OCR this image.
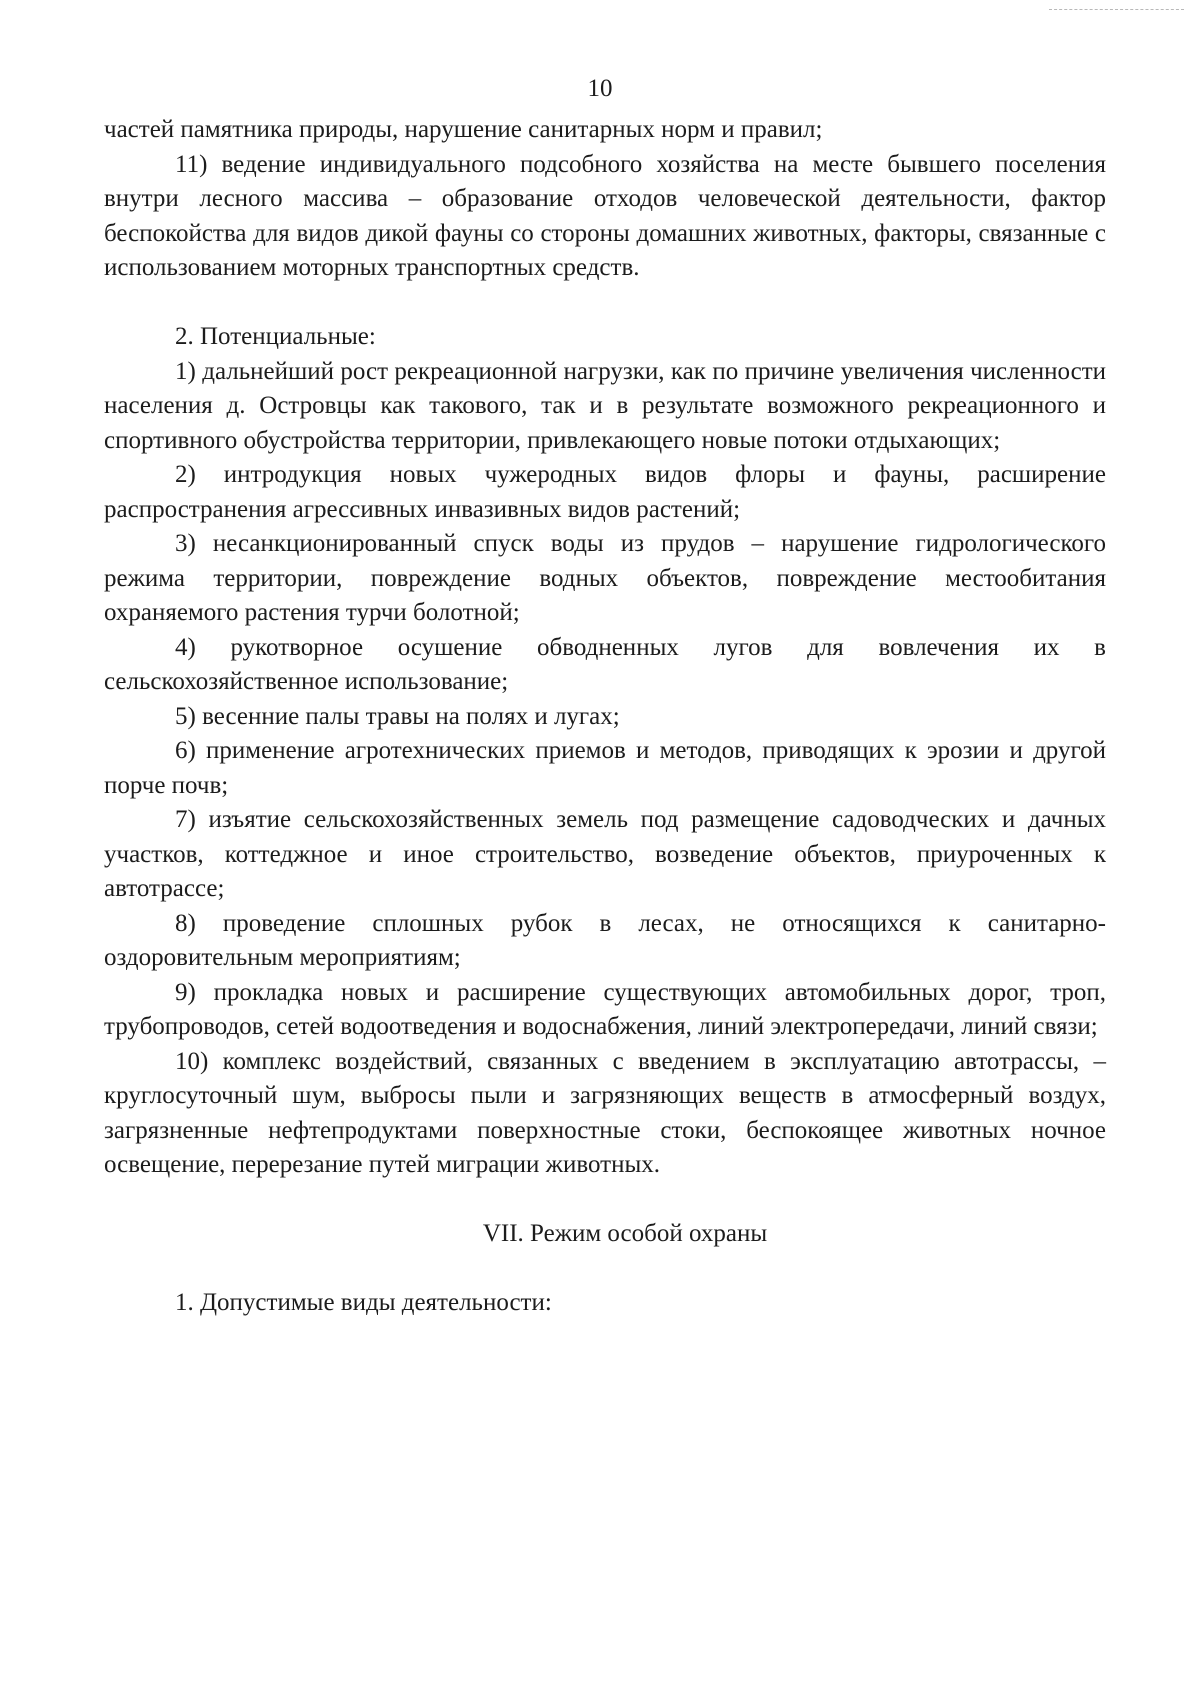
10

частей памятника природы, нарушение санитарных норм и правил;

11) ведение индивидуального подсобного хозяйства на месте бывшего поселения внутри лесного массива – образование отходов человеческой деятельности, фактор беспокойства для видов дикой фауны со стороны домашних животных, факторы, связанные с использованием моторных транспортных средств.

2. Потенциальные:

1) дальнейший рост рекреационной нагрузки, как по причине увеличения численности населения д. Островцы как такового, так и в результате возможного рекреационного и спортивного обустройства территории, привлекающего новые потоки отдыхающих;

2) интродукция новых чужеродных видов флоры и фауны, расширение распространения агрессивных инвазивных видов растений;

3) несанкционированный спуск воды из прудов – нарушение гидрологического режима территории, повреждение водных объектов, повреждение местообитания охраняемого растения турчи болотной;

4) рукотворное осушение обводненных лугов для вовлечения их в сельскохозяйственное использование;

5) весенние палы травы на полях и лугах;

6) применение агротехнических приемов и методов, приводящих к эрозии и другой порче почв;

7) изъятие сельскохозяйственных земель под размещение садоводческих и дачных участков, коттеджное и иное строительство, возведение объектов, приуроченных к автотрассе;

8) проведение сплошных рубок в лесах, не относящихся к санитарно-оздоровительным мероприятиям;

9) прокладка новых и расширение существующих автомобильных дорог, троп, трубопроводов, сетей водоотведения и водоснабжения, линий электропередачи, линий связи;

10) комплекс воздействий, связанных с введением в эксплуатацию автотрассы, – круглосуточный шум, выбросы пыли и загрязняющих веществ в атмосферный воздух, загрязненные нефтепродуктами поверхностные стоки, беспокоящее животных ночное освещение, перерезание путей миграции животных.

VII. Режим особой охраны

1. Допустимые виды деятельности:
